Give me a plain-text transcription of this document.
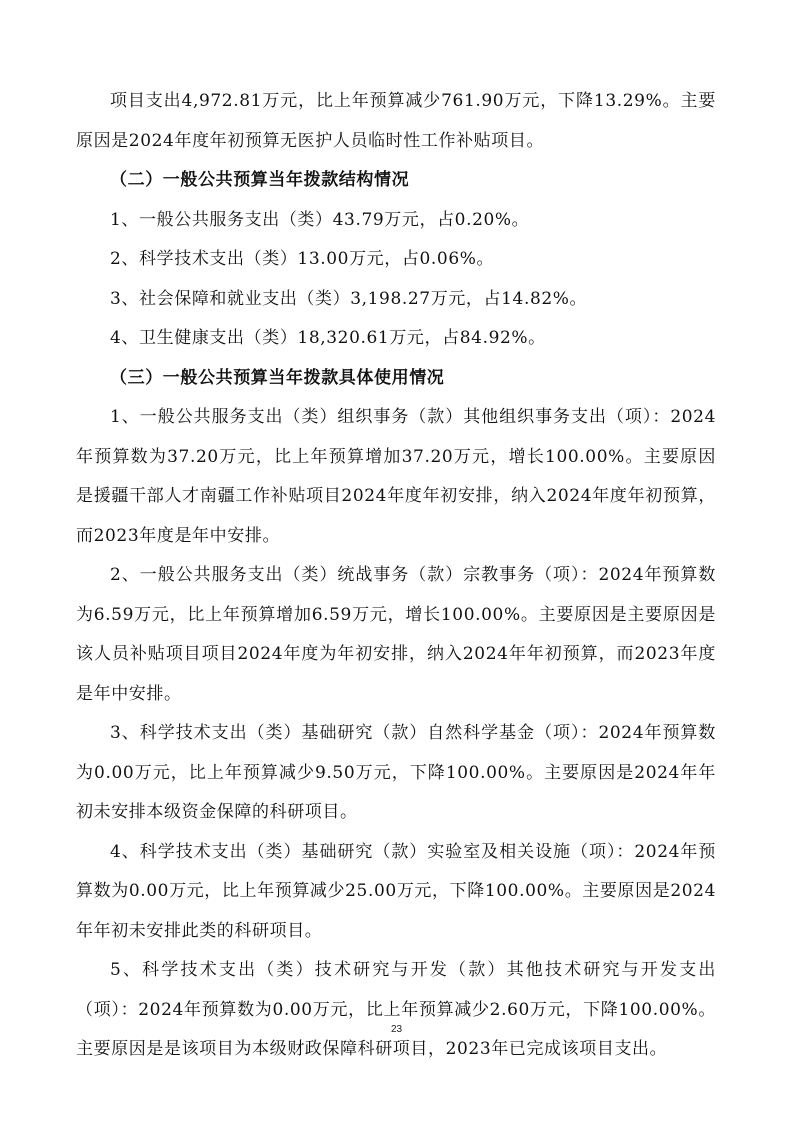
项目支出4,972.81万元，比上年预算减少761.90万元，下降13.29%。主要原因是2024年度年初预算无医护人员临时性工作补贴项目。

（二）一般公共预算当年拨款结构情况

1、一般公共服务支出（类）43.79万元，占0.20%。

2、科学技术支出（类）13.00万元，占0.06%。

3、社会保障和就业支出（类）3,198.27万元，占14.82%。

4、卫生健康支出（类）18,320.61万元，占84.92%。

（三）一般公共预算当年拨款具体使用情况

1、一般公共服务支出（类）组织事务（款）其他组织事务支出（项）：2024年预算数为37.20万元，比上年预算增加37.20万元，增长100.00%。主要原因是援疆干部人才南疆工作补贴项目2024年度年初安排，纳入2024年度年初预算，而2023年度是年中安排。

2、一般公共服务支出（类）统战事务（款）宗教事务（项）：2024年预算数为6.59万元，比上年预算增加6.59万元，增长100.00%。主要原因是主要原因是该人员补贴项目项目2024年度为年初安排，纳入2024年年初预算，而2023年度是年中安排。

3、科学技术支出（类）基础研究（款）自然科学基金（项）：2024年预算数为0.00万元，比上年预算减少9.50万元，下降100.00%。主要原因是2024年年初未安排本级资金保障的科研项目。

4、科学技术支出（类）基础研究（款）实验室及相关设施（项）：2024年预算数为0.00万元，比上年预算减少25.00万元，下降100.00%。主要原因是2024年年初未安排此类的科研项目。

5、科学技术支出（类）技术研究与开发（款）其他技术研究与开发支出（项）：2024年预算数为0.00万元，比上年预算减少2.60万元，下降100.00%。主要原因是是该项目为本级财政保障科研项目，2023年已完成该项目支出。

23
